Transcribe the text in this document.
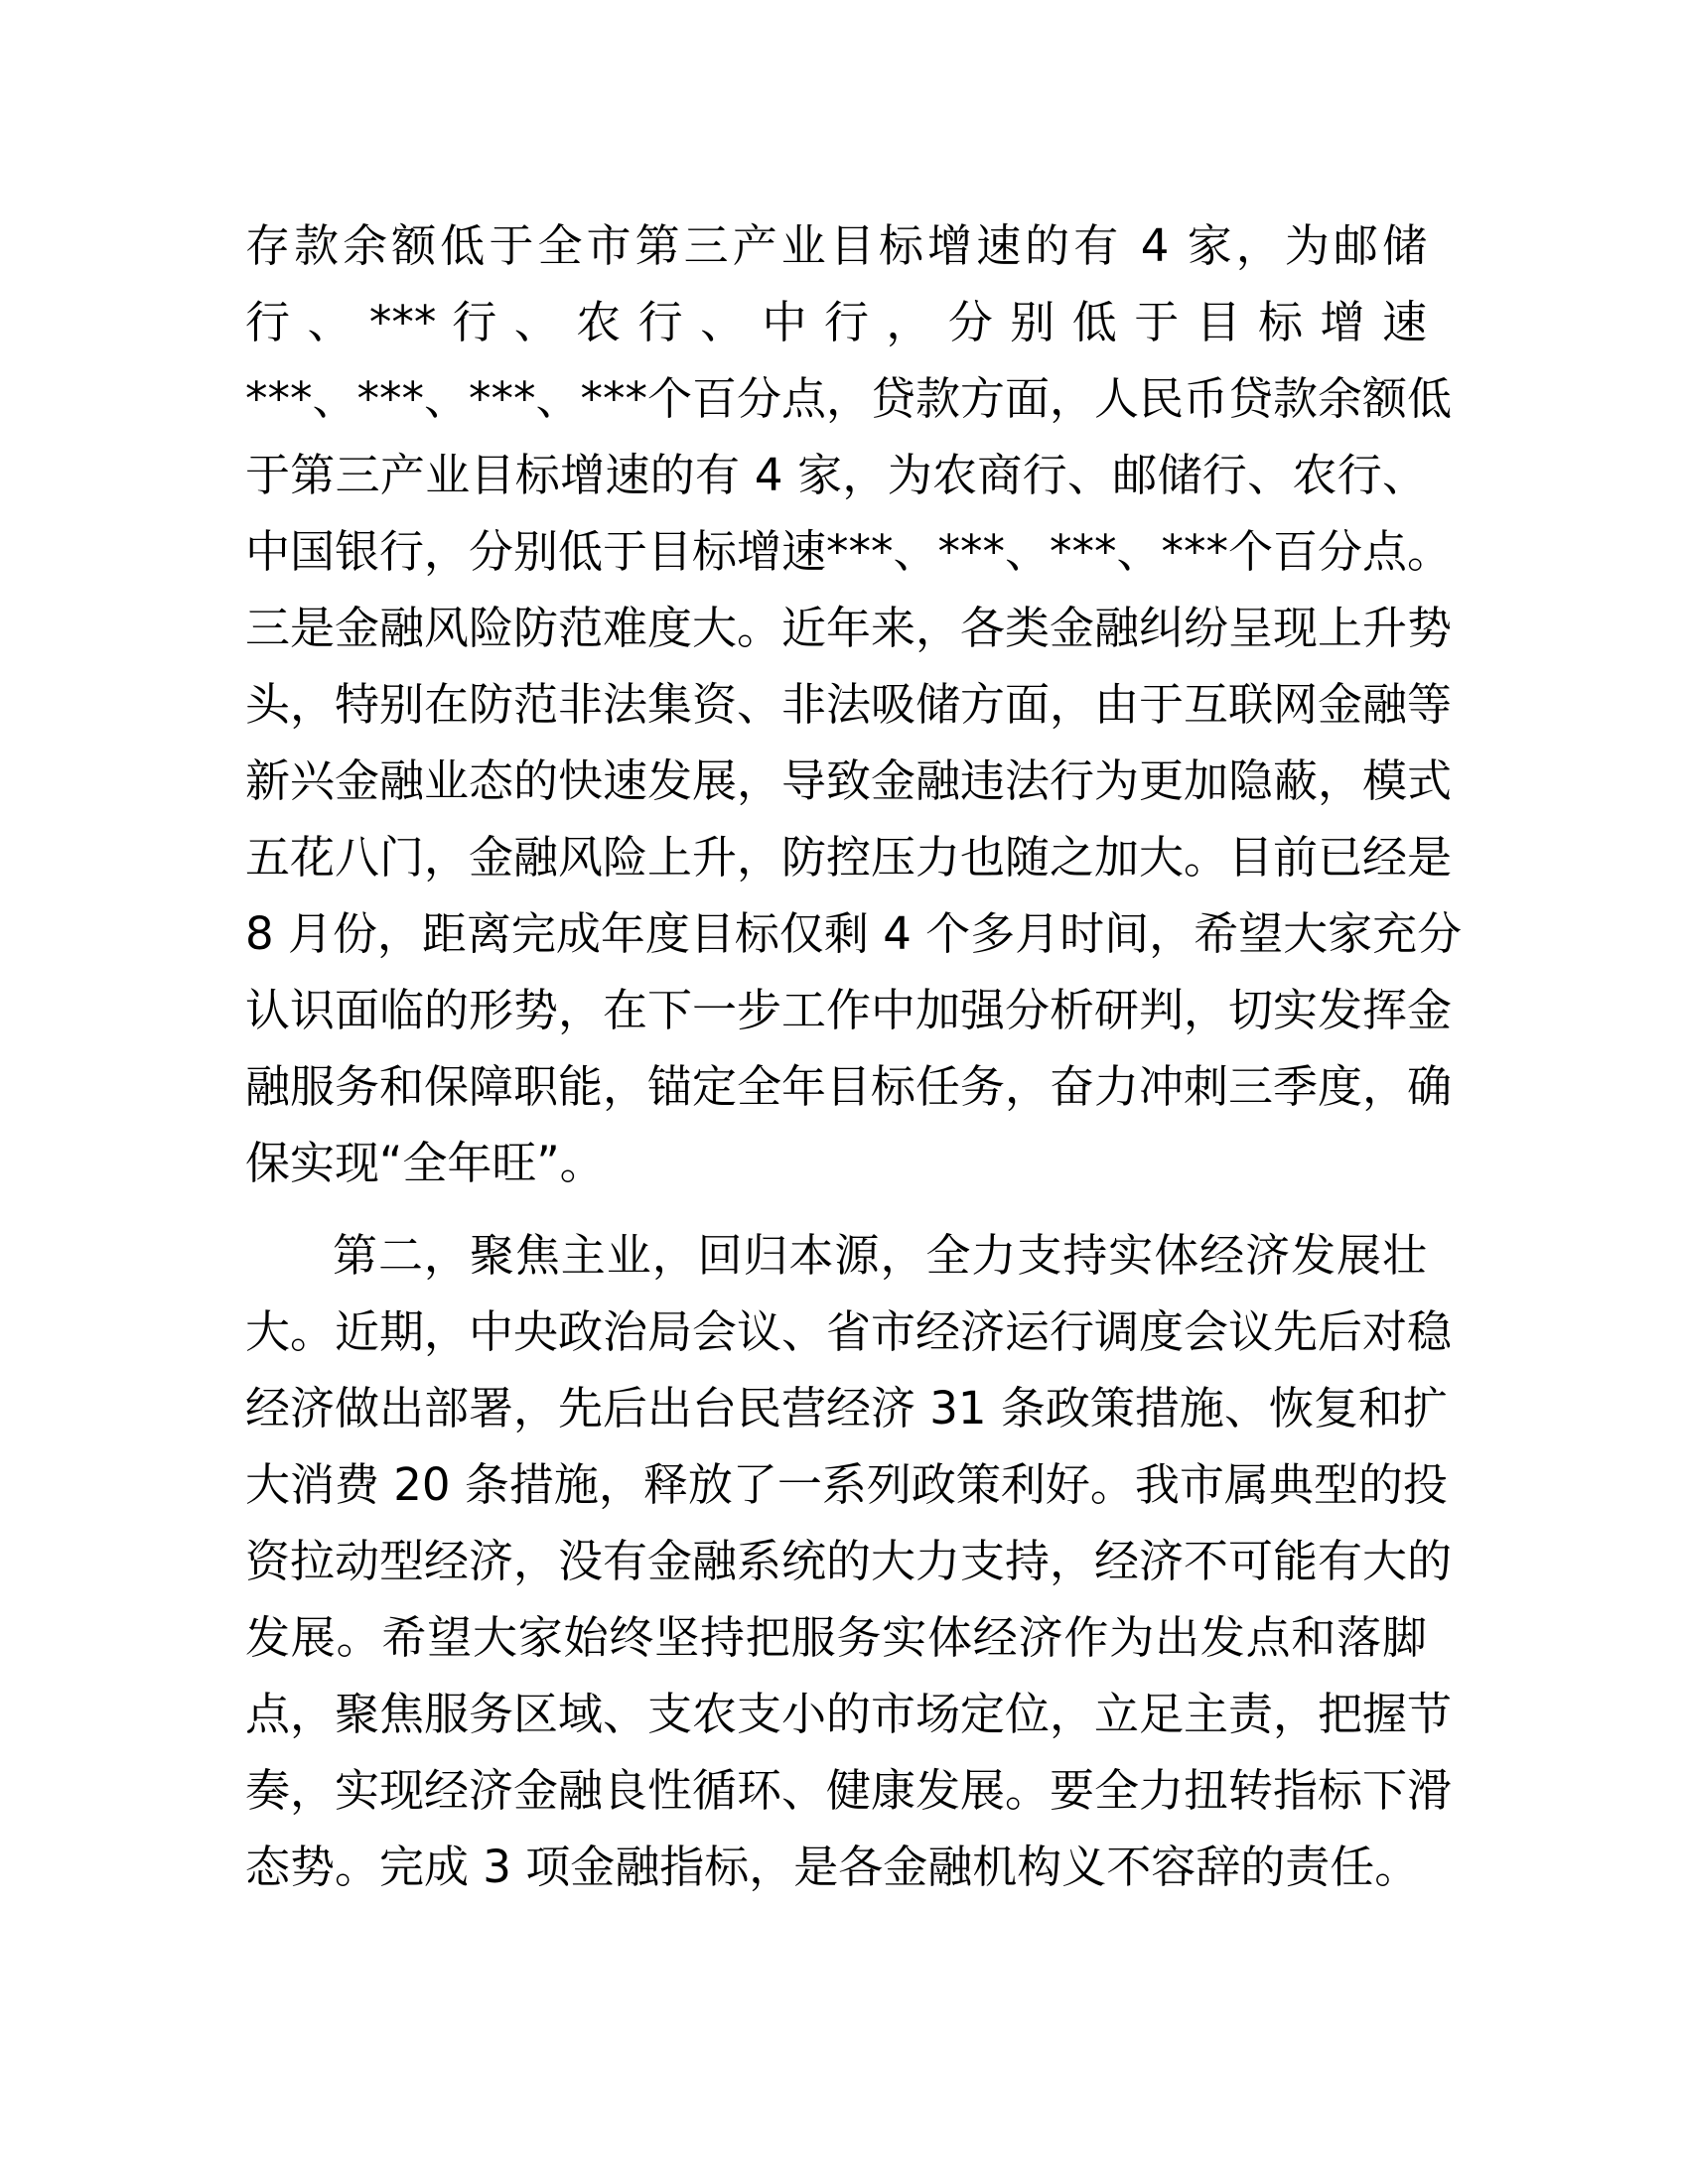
存款余额低于全市第三产业目标增速的有 4 家，为邮储
行 、 *** 行 、 农 行 、 中 行 ， 分 别 低 于 目 标 增 速
***、***、***、***个百分点，贷款方面，人民币贷款余额低
于第三产业目标增速的有 4 家，为农商行、邮储行、农行、
中国银行，分别低于目标增速***、***、***、***个百分点。
三是金融风险防范难度大。近年来，各类金融纠纷呈现上升势
头，特别在防范非法集资、非法吸储方面，由于互联网金融等
新兴金融业态的快速发展，导致金融违法行为更加隐蔽，模式
五花八门，金融风险上升，防控压力也随之加大。目前已经是
8 月份，距离完成年度目标仅剩 4 个多月时间，希望大家充分
认识面临的形势，在下一步工作中加强分析研判，切实发挥金
融服务和保障职能，锚定全年目标任务，奋力冲刺三季度，确
保实现“全年旺”。
第二，聚焦主业，回归本源，全力支持实体经济发展壮
大。近期，中央政治局会议、省市经济运行调度会议先后对稳
经济做出部署，先后出台民营经济 31 条政策措施、恢复和扩
大消费 20 条措施，释放了一系列政策利好。我市属典型的投
资拉动型经济，没有金融系统的大力支持，经济不可能有大的
发展。希望大家始终坚持把服务实体经济作为出发点和落脚
点，聚焦服务区域、支农支小的市场定位，立足主责，把握节
奏，实现经济金融良性循环、健康发展。要全力扭转指标下滑
态势。完成 3 项金融指标，是各金融机构义不容辞的责任。
